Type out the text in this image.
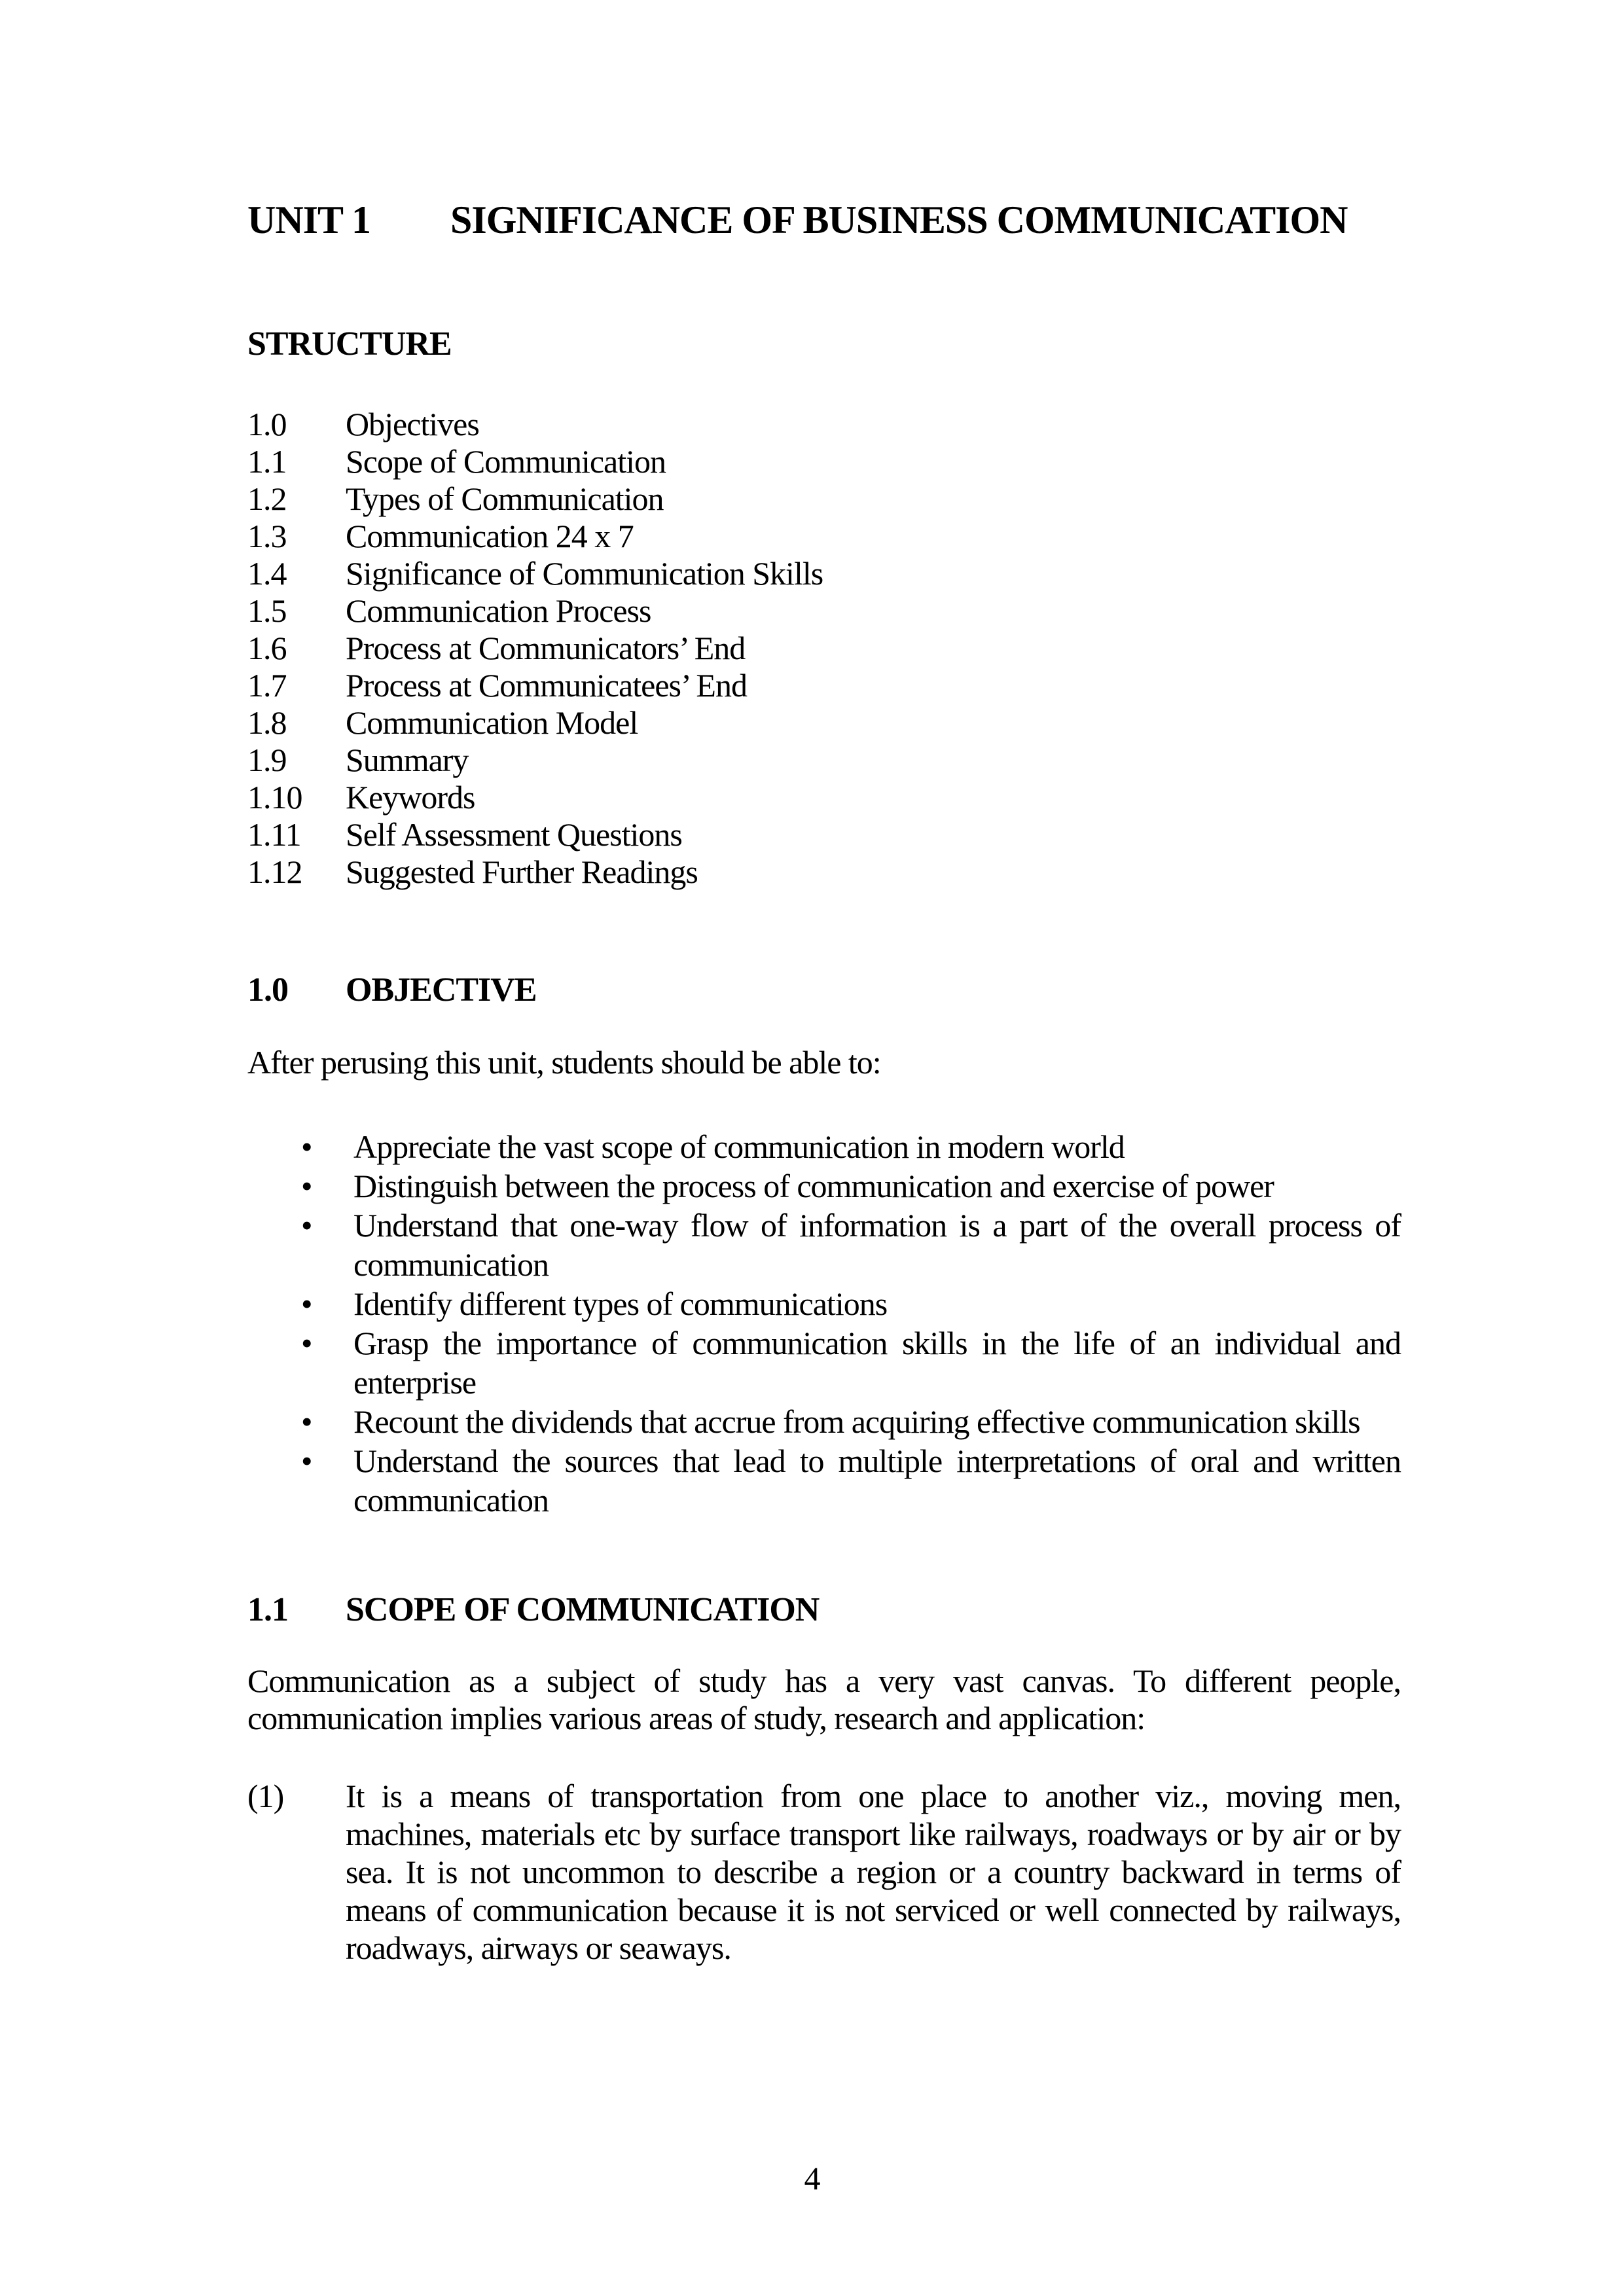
UNIT 1	SIGNIFICANCE OF BUSINESS COMMUNICATION
STRUCTURE
1.0	Objectives
1.1	Scope of Communication
1.2	Types of Communication
1.3	Communication 24 x 7
1.4	Significance of Communication Skills
1.5	Communication Process
1.6	Process at Communicators’ End
1.7	Process at Communicatees’ End
1.8	Communication Model
1.9	Summary
1.10	Keywords
1.11	Self Assessment Questions
1.12	Suggested Further Readings
1.0	OBJECTIVE

After perusing this unit, students should be able to:

• Appreciate the vast scope of communication in modern world
• Distinguish between the process of communication and exercise of power
• Understand that one-way flow of information is a part of the overall process of communication
• Identify different types of communications
• Grasp the importance of communication skills in the life of an individual and enterprise
• Recount the dividends that accrue from acquiring effective communication skills
• Understand the sources that lead to multiple interpretations of oral and written communication
1.1	SCOPE OF COMMUNICATION

Communication as a subject of study has a very vast canvas. To different people, communication implies various areas of study, research and application:

(1)	It is a means of transportation from one place to another viz., moving men, machines, materials etc by surface transport like railways, roadways or by air or by sea. It is not uncommon to describe a region or a country backward in terms of means of communication because it is not serviced or well connected by railways, roadways, airways or seaways.
4
